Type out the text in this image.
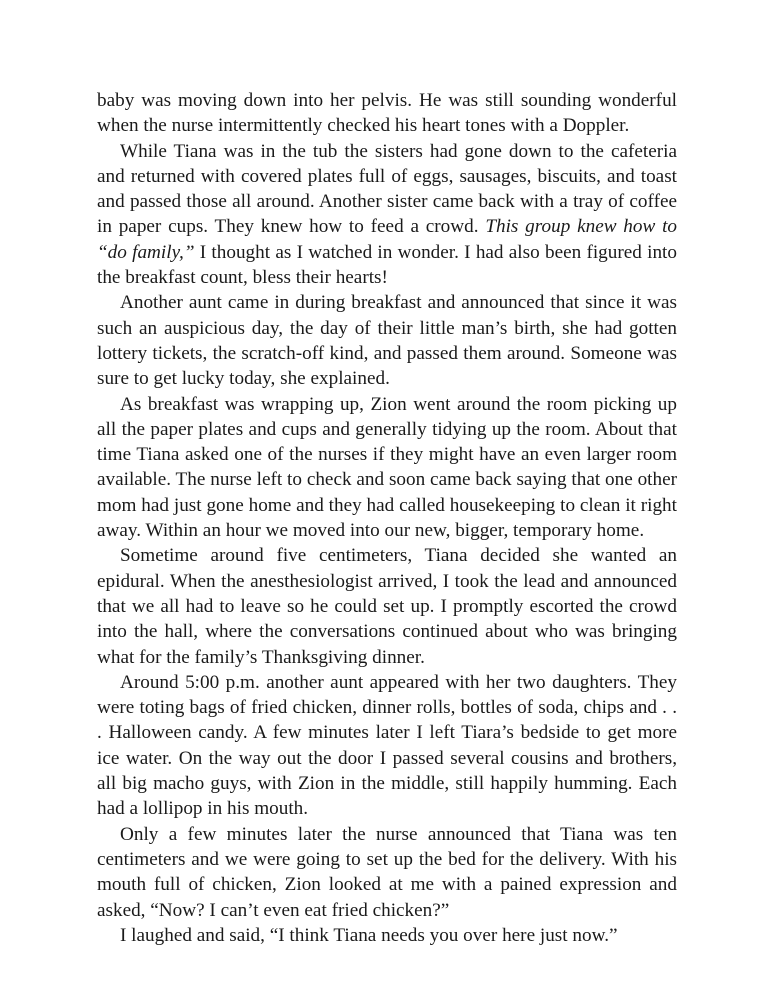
baby was moving down into her pelvis. He was still sounding wonderful when the nurse intermittently checked his heart tones with a Doppler.

While Tiana was in the tub the sisters had gone down to the cafeteria and returned with covered plates full of eggs, sausages, biscuits, and toast and passed those all around. Another sister came back with a tray of coffee in paper cups. They knew how to feed a crowd. This group knew how to “do family,” I thought as I watched in wonder. I had also been figured into the breakfast count, bless their hearts!

Another aunt came in during breakfast and announced that since it was such an auspicious day, the day of their little man’s birth, she had gotten lottery tickets, the scratch-off kind, and passed them around. Someone was sure to get lucky today, she explained.

As breakfast was wrapping up, Zion went around the room picking up all the paper plates and cups and generally tidying up the room. About that time Tiana asked one of the nurses if they might have an even larger room available. The nurse left to check and soon came back saying that one other mom had just gone home and they had called housekeeping to clean it right away. Within an hour we moved into our new, bigger, temporary home.

Sometime around five centimeters, Tiana decided she wanted an epidural. When the anesthesiologist arrived, I took the lead and announced that we all had to leave so he could set up. I promptly escorted the crowd into the hall, where the conversations continued about who was bringing what for the family’s Thanksgiving dinner.

Around 5:00 p.m. another aunt appeared with her two daughters. They were toting bags of fried chicken, dinner rolls, bottles of soda, chips and . . . Halloween candy. A few minutes later I left Tiara’s bedside to get more ice water. On the way out the door I passed several cousins and brothers, all big macho guys, with Zion in the middle, still happily humming. Each had a lollipop in his mouth.

Only a few minutes later the nurse announced that Tiana was ten centimeters and we were going to set up the bed for the delivery. With his mouth full of chicken, Zion looked at me with a pained expression and asked, “Now? I can’t even eat fried chicken?”

I laughed and said, “I think Tiana needs you over here just now.”
